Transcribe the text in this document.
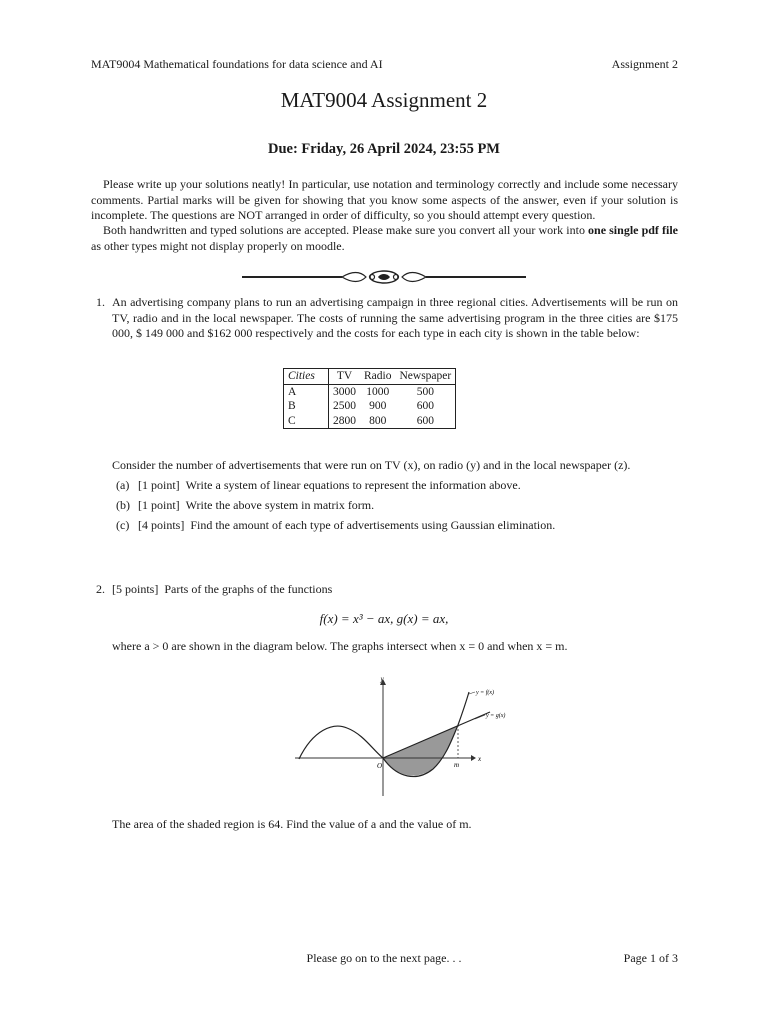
MAT9004 Mathematical foundations for data science and AI	Assignment 2
MAT9004 Assignment 2
Due: Friday, 26 April 2024, 23:55 PM
Please write up your solutions neatly! In particular, use notation and terminology correctly and include some necessary comments. Partial marks will be given for showing that you know some aspects of the answer, even if your solution is incomplete. The questions are NOT arranged in order of difficulty, so you should attempt every question.
Both handwritten and typed solutions are accepted. Please make sure you convert all your work into one single pdf file as other types might not display properly on moodle.
1. An advertising company plans to run an advertising campaign in three regional cities. Advertisements will be run on TV, radio and in the local newspaper. The costs of running the same advertising program in the three cities are $175 000, $ 149 000 and $162 000 respectively and the costs for each type in each city is shown in the table below:
Cities	TV	Radio	Newspaper
A	3000	1000	500
B	2500	900	600
C	2800	800	600
Consider the number of advertisements that were run on TV (x), on radio (y) and in the local newspaper (z).
(a) [1 point] Write a system of linear equations to represent the information above.
(b) [1 point] Write the above system in matrix form.
(c) [4 points] Find the amount of each type of advertisements using Gaussian elimination.
2. [5 points] Parts of the graphs of the functions
f(x) = x³ − ax, g(x) = ax,
where a > 0 are shown in the diagram below. The graphs intersect when x = 0 and when x = m.
y
x
O	m
y = f(x)
y = g(x)
The area of the shaded region is 64. Find the value of a and the value of m.
Please go on to the next page. . .	Page 1 of 3
